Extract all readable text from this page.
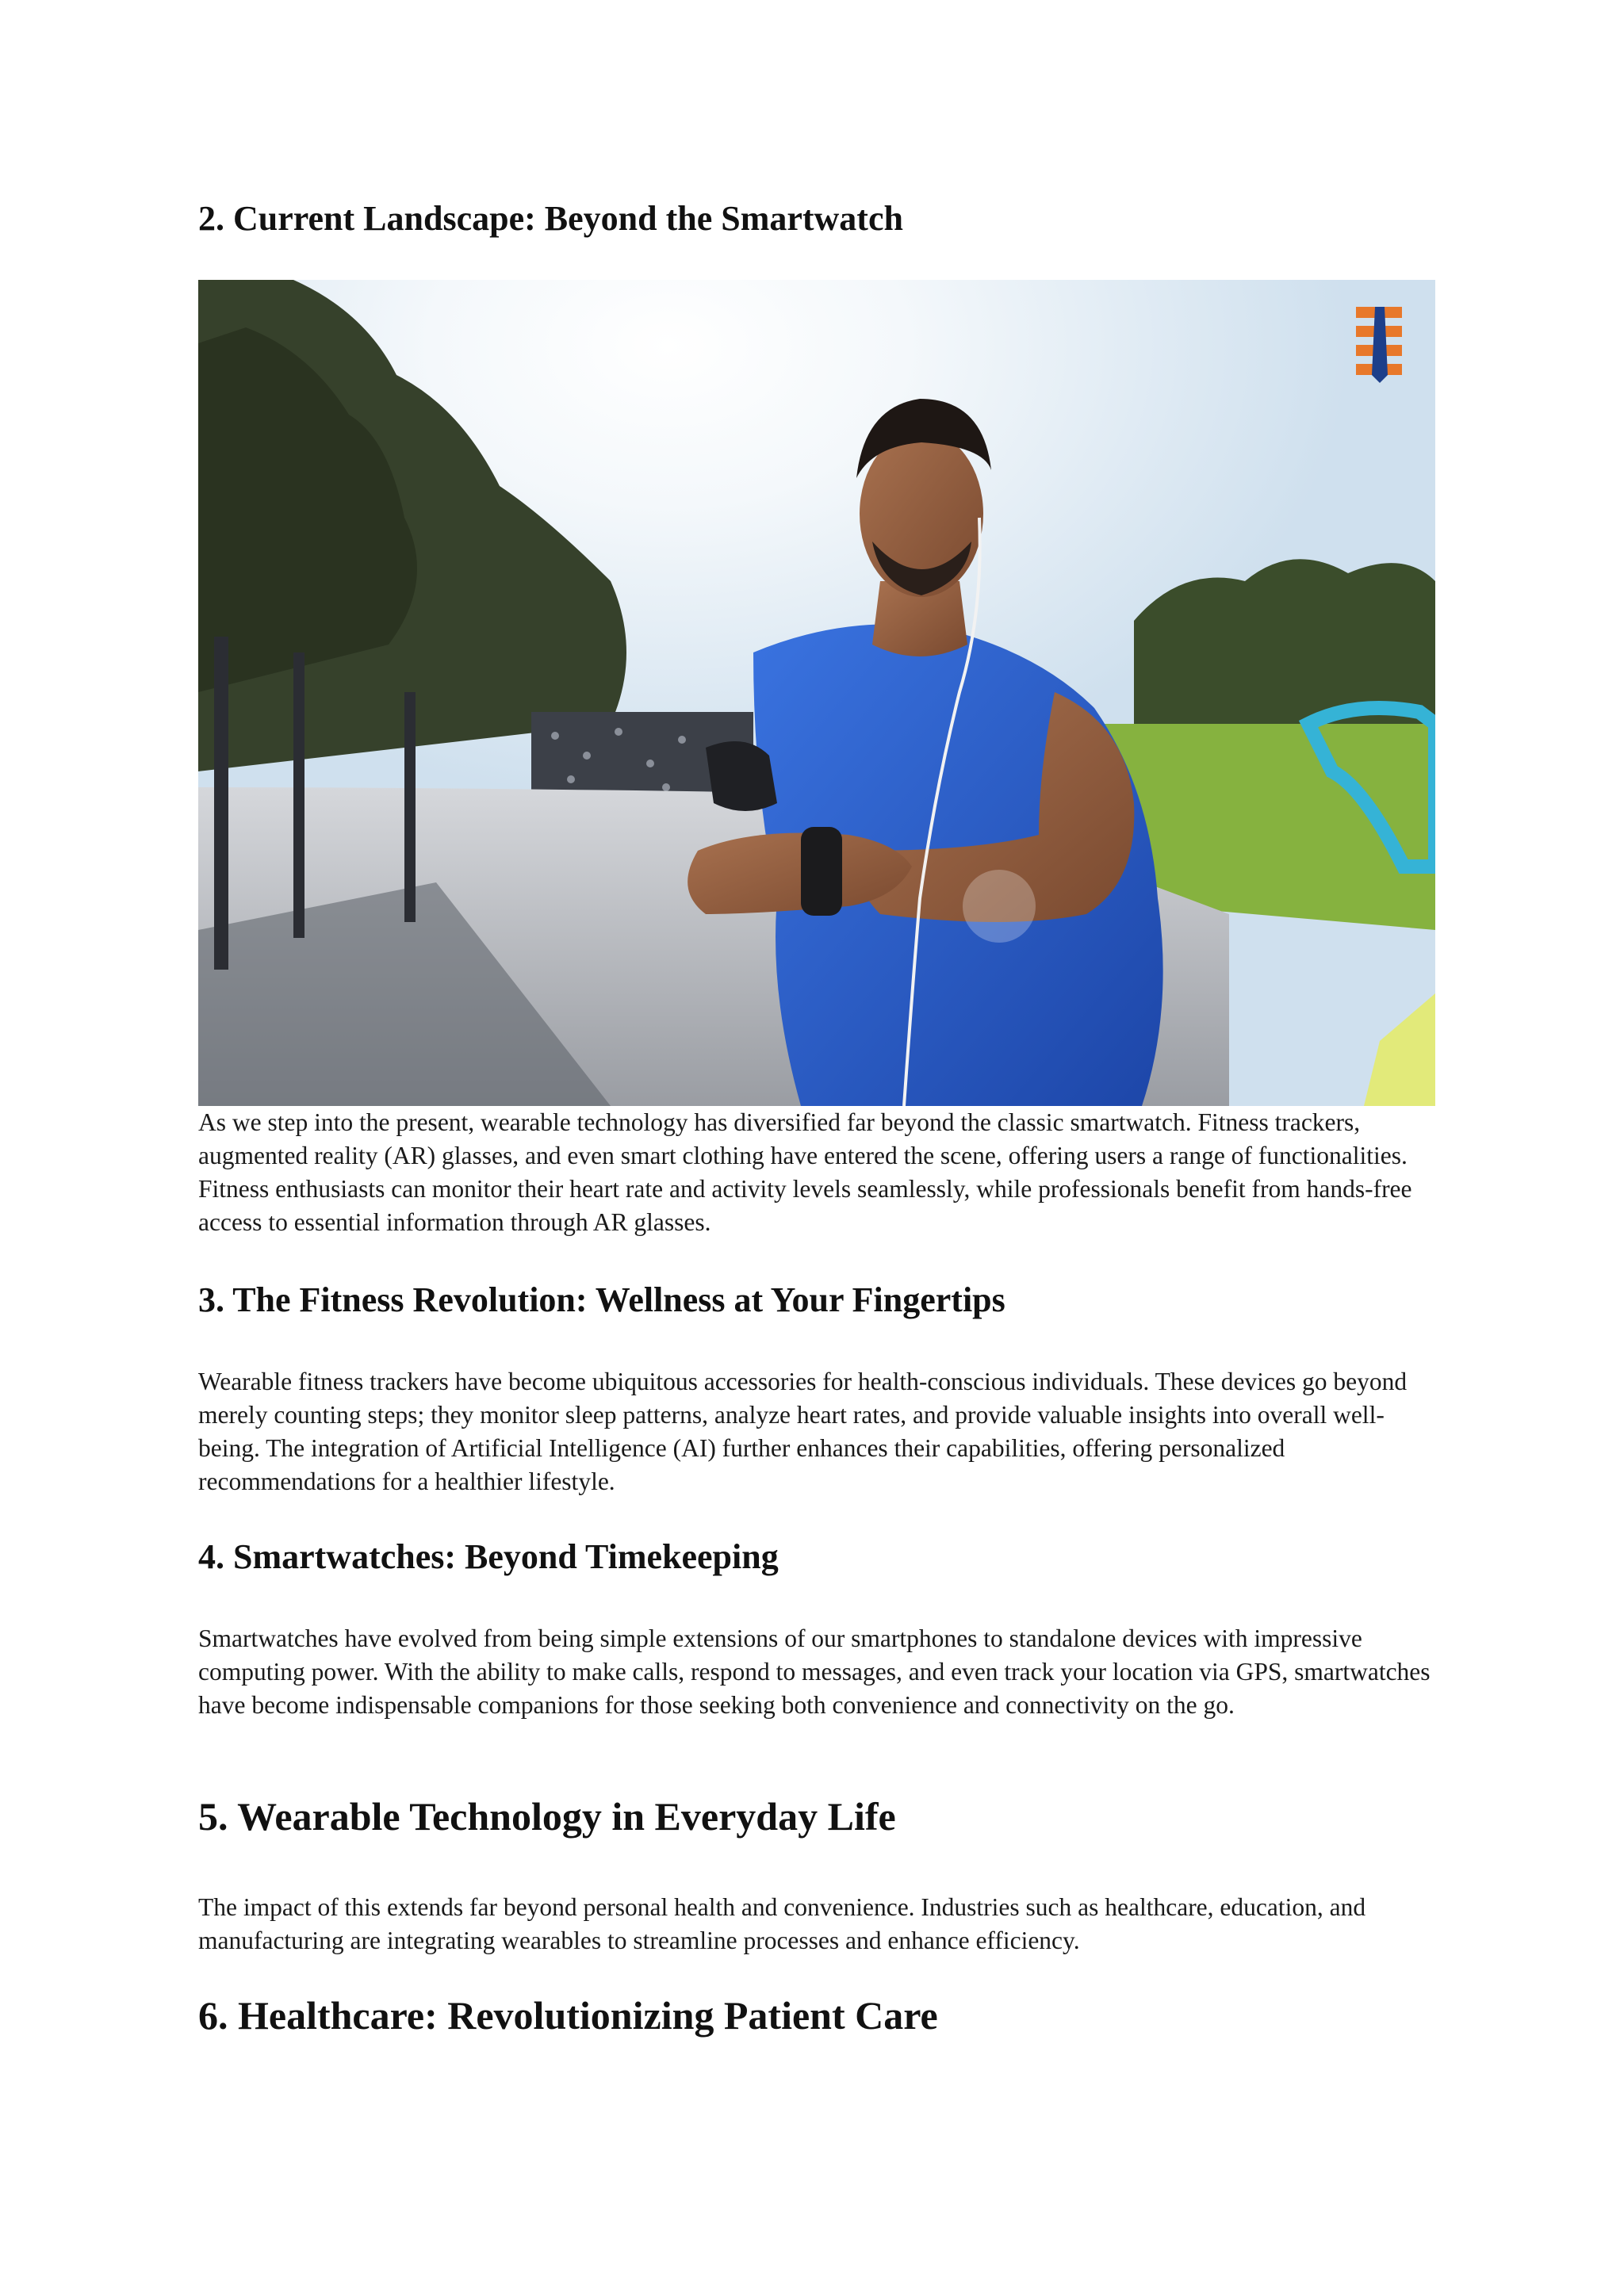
2. Current Landscape: Beyond the Smartwatch

As we step into the present, wearable technology has diversified far beyond the classic smartwatch. Fitness trackers, augmented reality (AR) glasses, and even smart clothing have entered the scene, offering users a range of functionalities. Fitness enthusiasts can monitor their heart rate and activity levels seamlessly, while professionals benefit from hands-free access to essential information through AR glasses.

3. The Fitness Revolution: Wellness at Your Fingertips

Wearable fitness trackers have become ubiquitous accessories for health-conscious individuals. These devices go beyond merely counting steps; they monitor sleep patterns, analyze heart rates, and provide valuable insights into overall well-being. The integration of Artificial Intelligence (AI) further enhances their capabilities, offering personalized recommendations for a healthier lifestyle.

4. Smartwatches: Beyond Timekeeping

Smartwatches have evolved from being simple extensions of our smartphones to standalone devices with impressive computing power. With the ability to make calls, respond to messages, and even track your location via GPS, smartwatches have become indispensable companions for those seeking both convenience and connectivity on the go.

5. Wearable Technology in Everyday Life

The impact of this extends far beyond personal health and convenience. Industries such as healthcare, education, and manufacturing are integrating wearables to streamline processes and enhance efficiency.

6. Healthcare: Revolutionizing Patient Care
